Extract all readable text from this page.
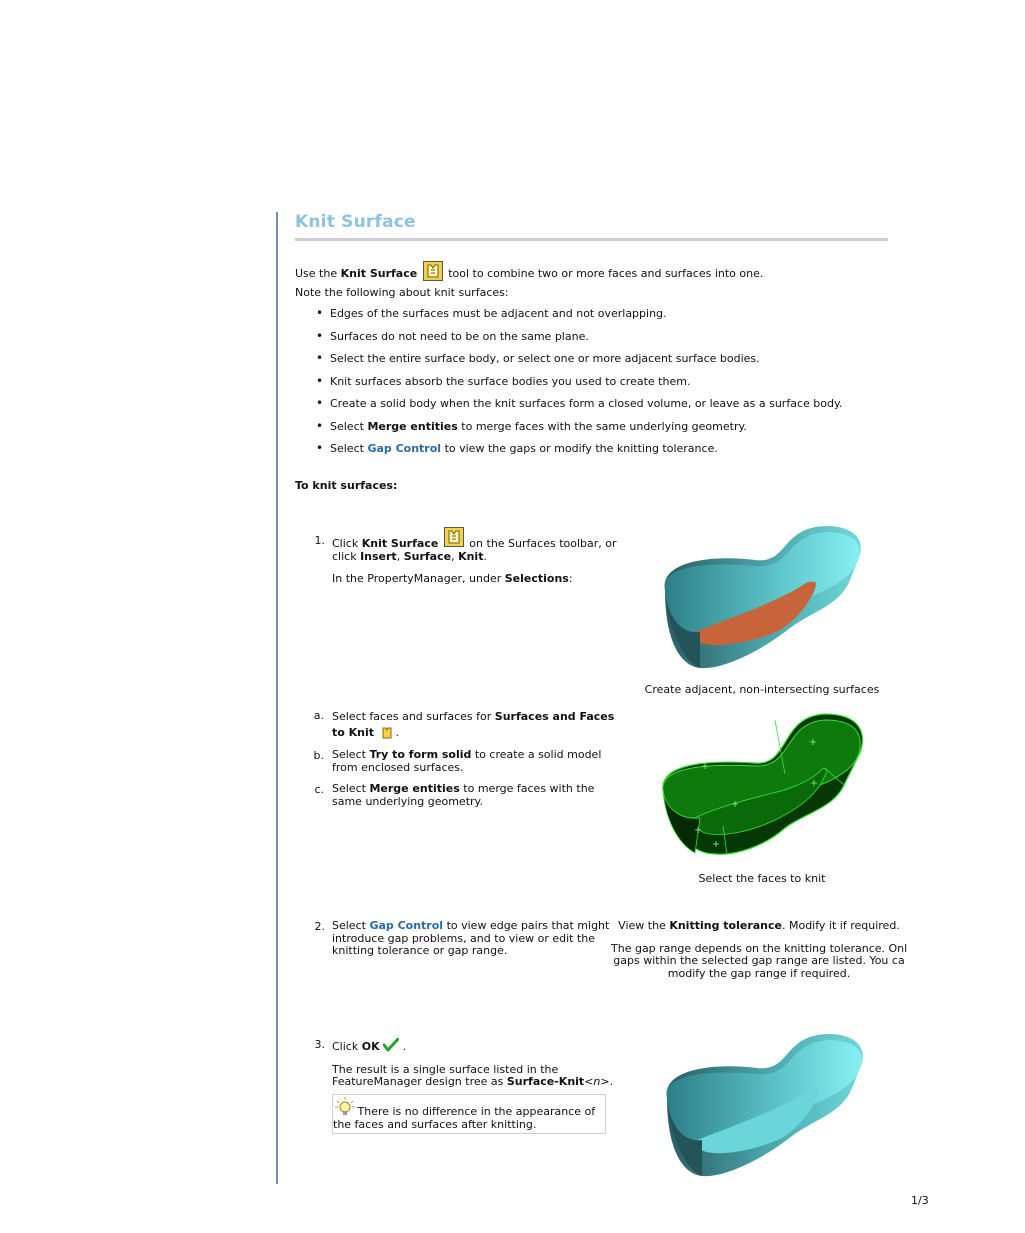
Knit Surface
Use the Knit Surface	tool to combine two or more faces and surfaces into one.
Note the following about knit surfaces:
• Edges of the surfaces must be adjacent and not overlapping.
• Surfaces do not need to be on the same plane.
• Select the entire surface body, or select one or more adjacent surface bodies.
• Knit surfaces absorb the surface bodies you used to create them.
• Create a solid body when the knit surfaces form a closed volume, or leave as a surface body.
• Select Merge entities to merge faces with the same underlying geometry.
• Select Gap Control to view the gaps or modify the knitting tolerance.
To knit surfaces:
1. Click Knit Surface	on the Surfaces toolbar, or
click Insert, Surface, Knit.
In the PropertyManager, under Selections:
Create adjacent, non-intersecting surfaces
a. Select faces and surfaces for Surfaces and Faces
to Knit .
b. Select Try to form solid to create a solid model
from enclosed surfaces.
c. Select Merge entities to merge faces with the
same underlying geometry.
Select the faces to knit
2. Select Gap Control to view edge pairs that might
introduce gap problems, and to view or edit the
knitting tolerance or gap range.
View the Knitting tolerance. Modify it if required.
The gap range depends on the knitting tolerance. Onl
gaps within the selected gap range are listed. You ca
modify the gap range if required.
3. Click OK
.
The result is a single surface listed in the
FeatureManager design tree as Surface-Knit<n>.
There is no difference in the appearance of
the faces and surfaces after knitting.
1/3
